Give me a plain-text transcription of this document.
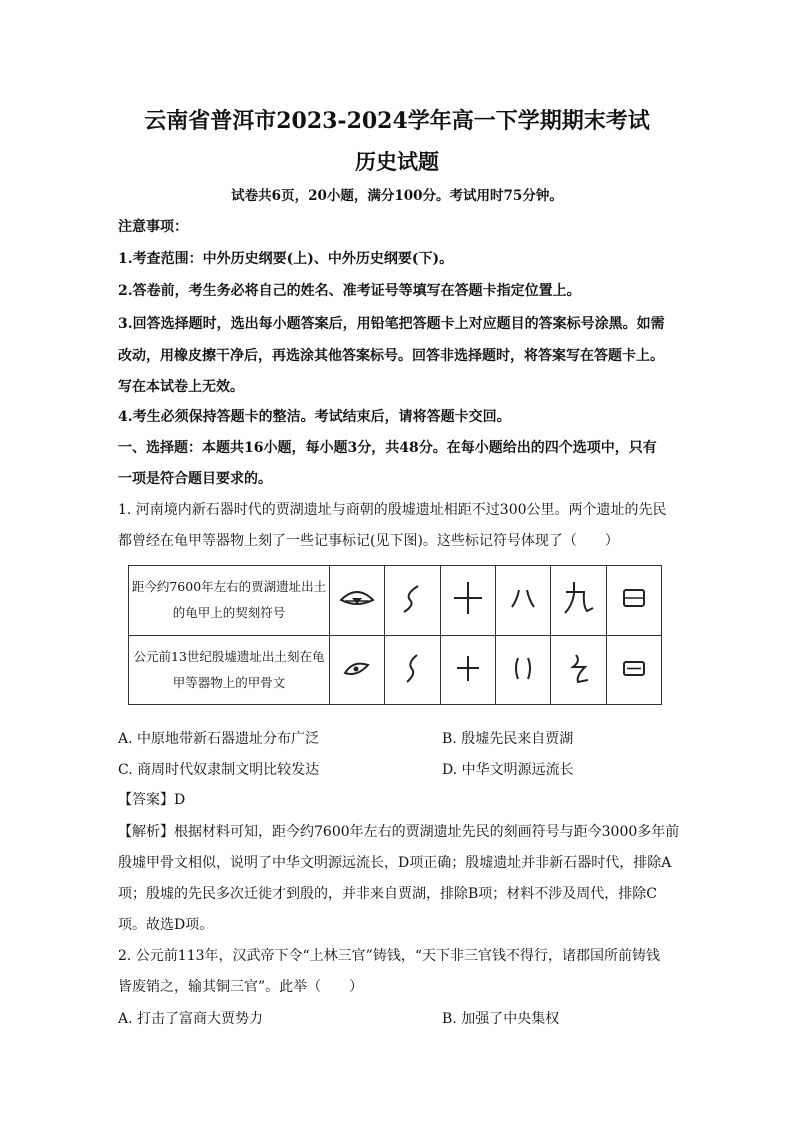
云南省普洱市2023-2024学年高一下学期期末考试
历史试题
试卷共6页，20小题，满分100分。考试用时75分钟。
注意事项：
1.考查范围：中外历史纲要(上)、中外历史纲要(下)。
2.答卷前，考生务必将自己的姓名、准考证号等填写在答题卡指定位置上。
3.回答选择题时，选出每小题答案后，用铅笔把答题卡上对应题目的答案标号涂黑。如需
改动，用橡皮擦干净后，再选涂其他答案标号。回答非选择题时，将答案写在答题卡上。
写在本试卷上无效。
4.考生必须保持答题卡的整洁。考试结束后，请将答题卡交回。
一、选择题：本题共16小题，每小题3分，共48分。在每小题给出的四个选项中，只有
一项是符合题目要求的。
1. 河南境内新石器时代的贾湖遗址与商朝的殷墟遗址相距不过300公里。两个遗址的先民
都曾经在龟甲等器物上刻了一些记事标记(见下图)。这些标记符号体现了（　　）
距今约7600年左右的贾湖遗址出土的龟甲上的契刻符号						
公元前13世纪殷墟遗址出土刻在龟甲等器物上的甲骨文						
A. 中原地带新石器遗址分布广泛	B. 殷墟先民来自贾湖
C. 商周时代奴隶制文明比较发达	D. 中华文明源远流长
【答案】D
【解析】根据材料可知，距今约7600年左右的贾湖遗址先民的刻画符号与距今3000多年前
殷墟甲骨文相似，说明了中华文明源远流长，D项正确；殷墟遗址并非新石器时代，排除A
项；殷墟的先民多次迁徙才到殷的，并非来自贾湖，排除B项；材料不涉及周代，排除C
项。故选D项。
2. 公元前113年，汉武帝下令“上林三官”铸钱，“天下非三官钱不得行，诸郡国所前铸钱
皆废销之，输其铜三官”。此举（　　）
A. 打击了富商大贾势力	B. 加强了中央集权
